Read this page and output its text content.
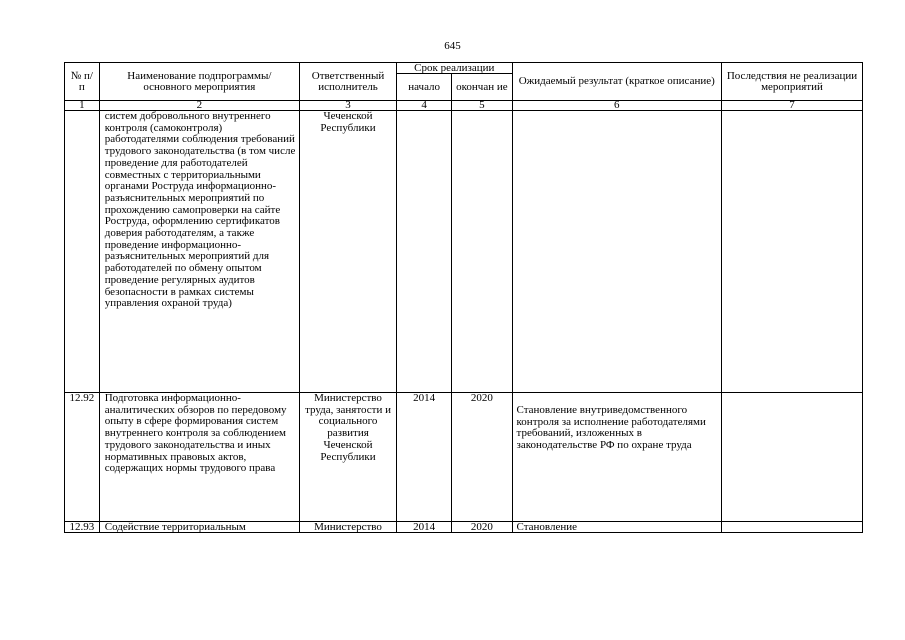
645
№ п/п	Наименование подпрограммы/ основного мероприятия	Ответственный исполнитель	Срок реализации		Ожидаемый результат (краткое описание)	Последствия не реализации мероприятий
			начало	окончан ие		
1	2	3	4	5	6	7
	систем добровольного внутреннего контроля (самоконтроля) работодателями соблюдения требований трудового законодательства (в том числе проведение для работодателей совместных с территориальными органами Роструда информационно-разъяснительных мероприятий по прохождению самопроверки на сайте Роструда, оформлению сертификатов доверия работодателям, а также проведение информационно-разъяснительных мероприятий для работодателей по обмену опытом проведение регулярных аудитов безопасности в рамках системы управления охраной труда)	Чеченской Республики				
12.92	Подготовка информационно-аналитических обзоров по передовому опыту в сфере формирования систем внутреннего контроля за соблюдением трудового законодательства и иных нормативных правовых актов, содержащих нормы трудового права	Министерство труда, занятости и социального развития Чеченской Республики	2014	2020	Становление внутриведомственного контроля за исполнение работодателями требований, изложенных в законодательстве РФ по охране труда	

12.93	Содействие территориальным	Министерство	2014	2020	Становление	
